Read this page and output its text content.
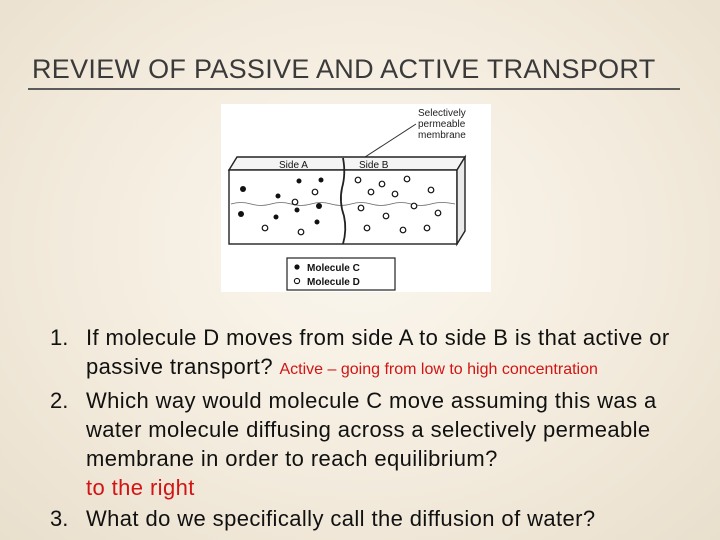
REVIEW OF PASSIVE AND ACTIVE TRANSPORT
Selectively
permeable
membrane
Side A	Side B
Molecule C
Molecule D
1. If molecule D moves from side A to side B is that active or passive transport? Active – going from low to high concentration
2. Which way would molecule C move assuming this was a water molecule diffusing across a selectively permeable membrane in order to reach equilibrium?
to the right
3. What do we specifically call the diffusion of water?
